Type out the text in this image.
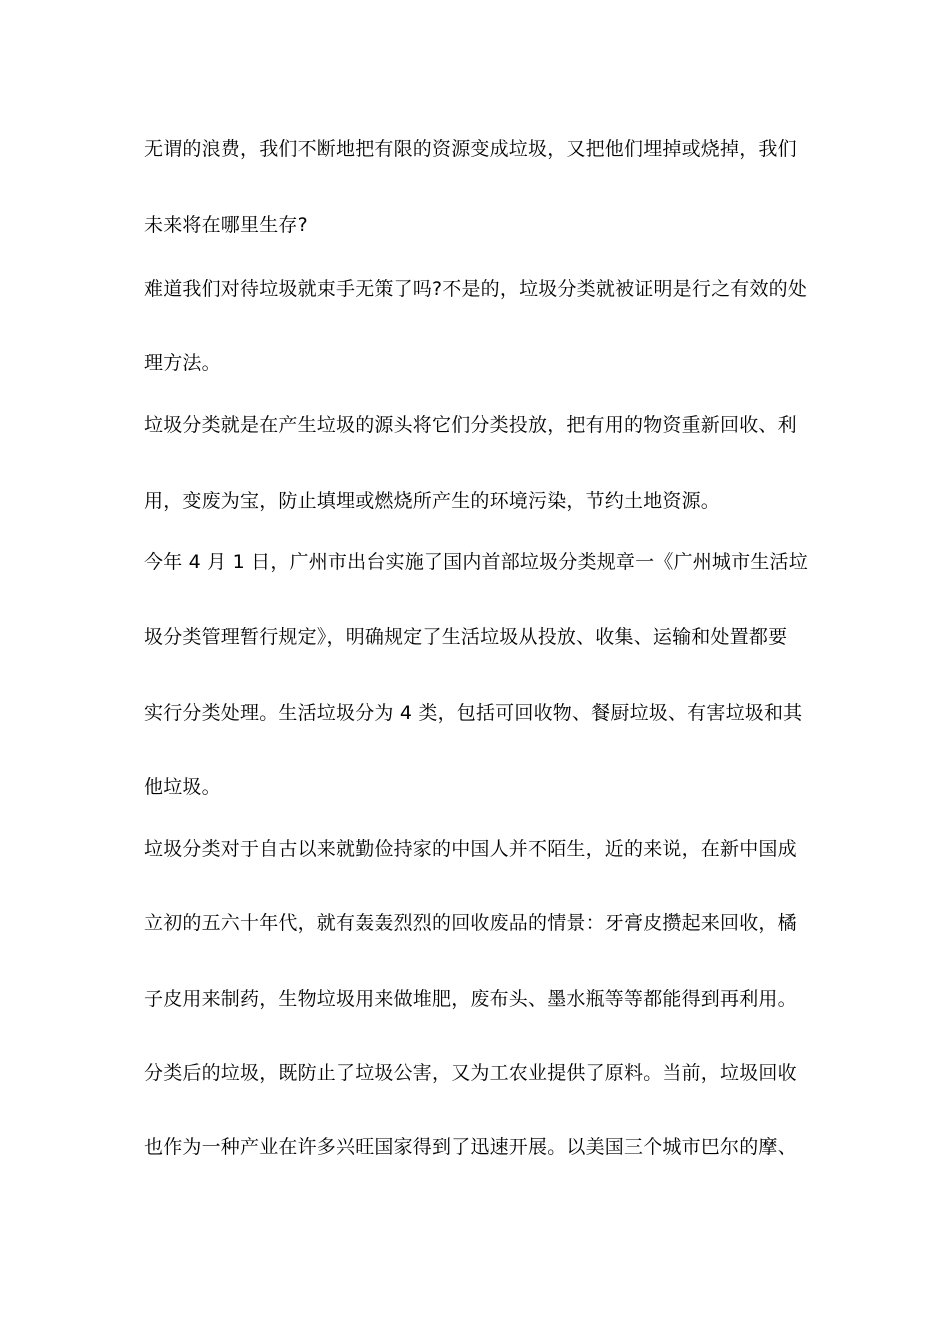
无谓的浪费，我们不断地把有限的资源变成垃圾，又把他们埋掉或烧掉，我们
未来将在哪里生存?
难道我们对待垃圾就束手无策了吗?不是的，垃圾分类就被证明是行之有效的处
理方法。
垃圾分类就是在产生垃圾的源头将它们分类投放，把有用的物资重新回收、利
用，变废为宝，防止填埋或燃烧所产生的环境污染，节约土地资源。
今年 4 月 1 日，广州市出台实施了国内首部垃圾分类规章一《广州城市生活垃
圾分类管理暂行规定》，明确规定了生活垃圾从投放、收集、运输和处置都要
实行分类处理。生活垃圾分为 4 类，包括可回收物、餐厨垃圾、有害垃圾和其
他垃圾。
垃圾分类对于自古以来就勤俭持家的中国人并不陌生，近的来说，在新中国成
立初的五六十年代，就有轰轰烈烈的回收废品的情景：牙膏皮攒起来回收，橘
子皮用来制药，生物垃圾用来做堆肥，废布头、墨水瓶等等都能得到再利用。
分类后的垃圾，既防止了垃圾公害，又为工农业提供了原料。当前，垃圾回收
也作为一种产业在许多兴旺国家得到了迅速开展。以美国三个城市巴尔的摩、
